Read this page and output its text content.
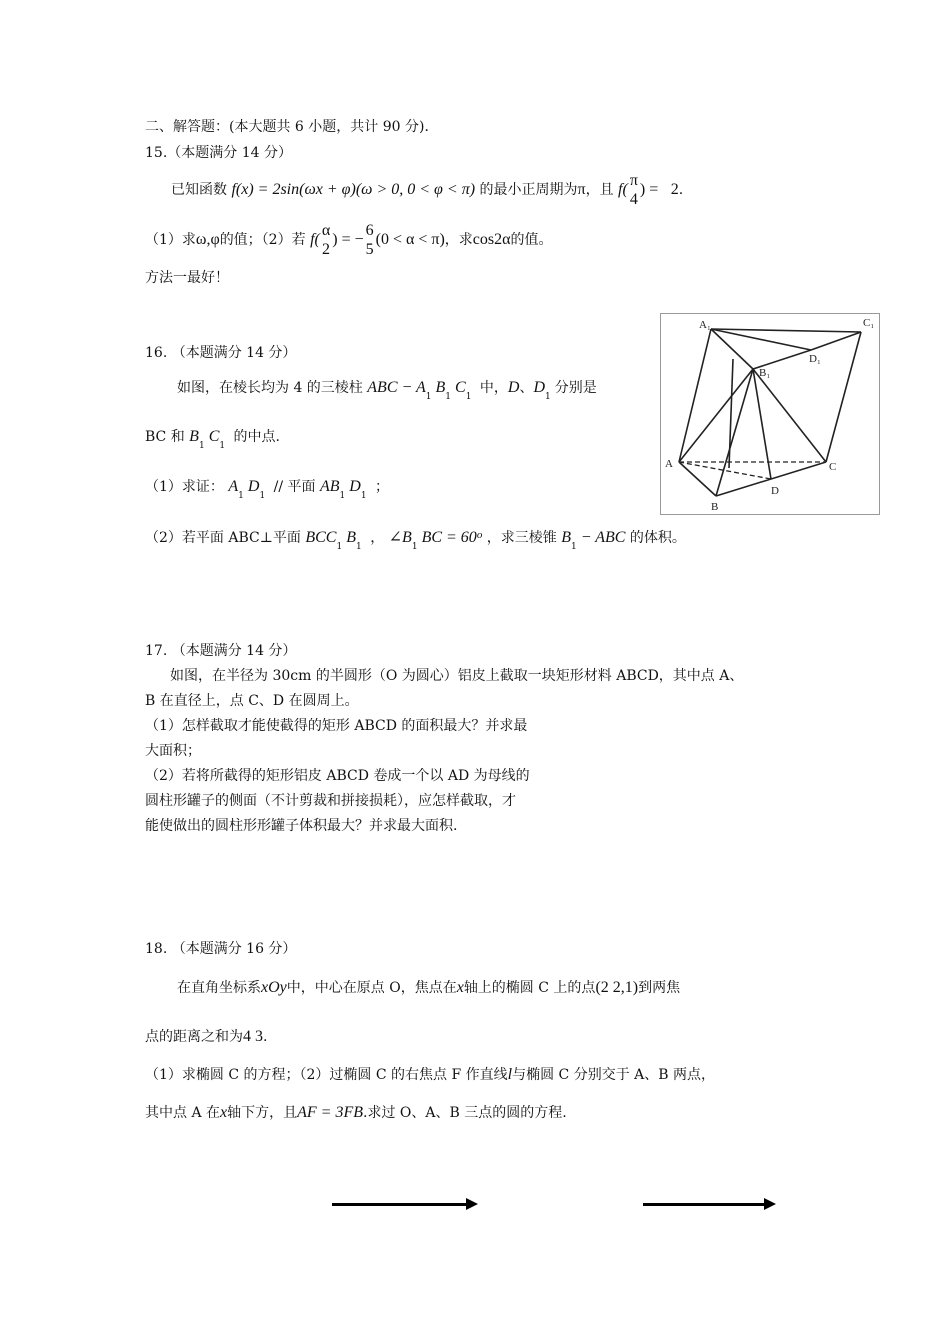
二、解答题：(本大题共 6 小题，共计 90 分)．
15.（本题满分 14 分）
已知函数 f(x) = 2sin(ωx + φ)(ω > 0, 0 < φ < π) 的最小正周期为π，且 f(
π
4
) = 2.
（1）求ω,φ的值；（2）若 f(
α
2
) = −
6
5
(0 < α < π)，求cos2α的值。
方法一最好！
16. （本题满分 14 分）
如图，在棱长均为 4 的三棱柱 ABC − $A_1B_1C_1$ 中，D、$D_1$分别是
BC 和 $B_1C_1$ 的中点.
（1）求证： $A_1D_1$ // 平面 $AB_1D_1$ ；
（2）若平面 ABC⊥平面 $BCC_1B_1$ ， $\angle B_1BC = 60^o$ ，求三棱锥 $B_1-$ ABC 的体积。
A₁	C₁
B₁
D₁
A
B
C
D
17. （本题满分 14 分）
如图，在半径为 30cm 的半圆形（O 为圆心）铝皮上截取一块矩形材料 ABCD，其中点 A、
B 在直径上，点 C、D 在圆周上。
（1）怎样截取才能使截得的矩形 ABCD 的面积最大？并求最
大面积；
（2）若将所截得的矩形铝皮 ABCD 卷成一个以 AD 为母线的
圆柱形罐子的侧面（不计剪裁和拼接损耗），应怎样截取，才
能使做出的圆柱形形罐子体积最大？并求最大面积.
18. （本题满分 16 分）
在直角坐标系xOy中，中心在原点 O，焦点在x轴上的椭圆 C 上的点(2 2,1)到两焦
点的距离之和为4 3.
（1）求椭圆 C 的方程；（2）过椭圆 C 的右焦点 F 作直线l与椭圆 C 分别交于 A、B 两点，
其中点 A 在x轴下方，且AF = 3FB.求过 O、A、B 三点的圆的方程.
